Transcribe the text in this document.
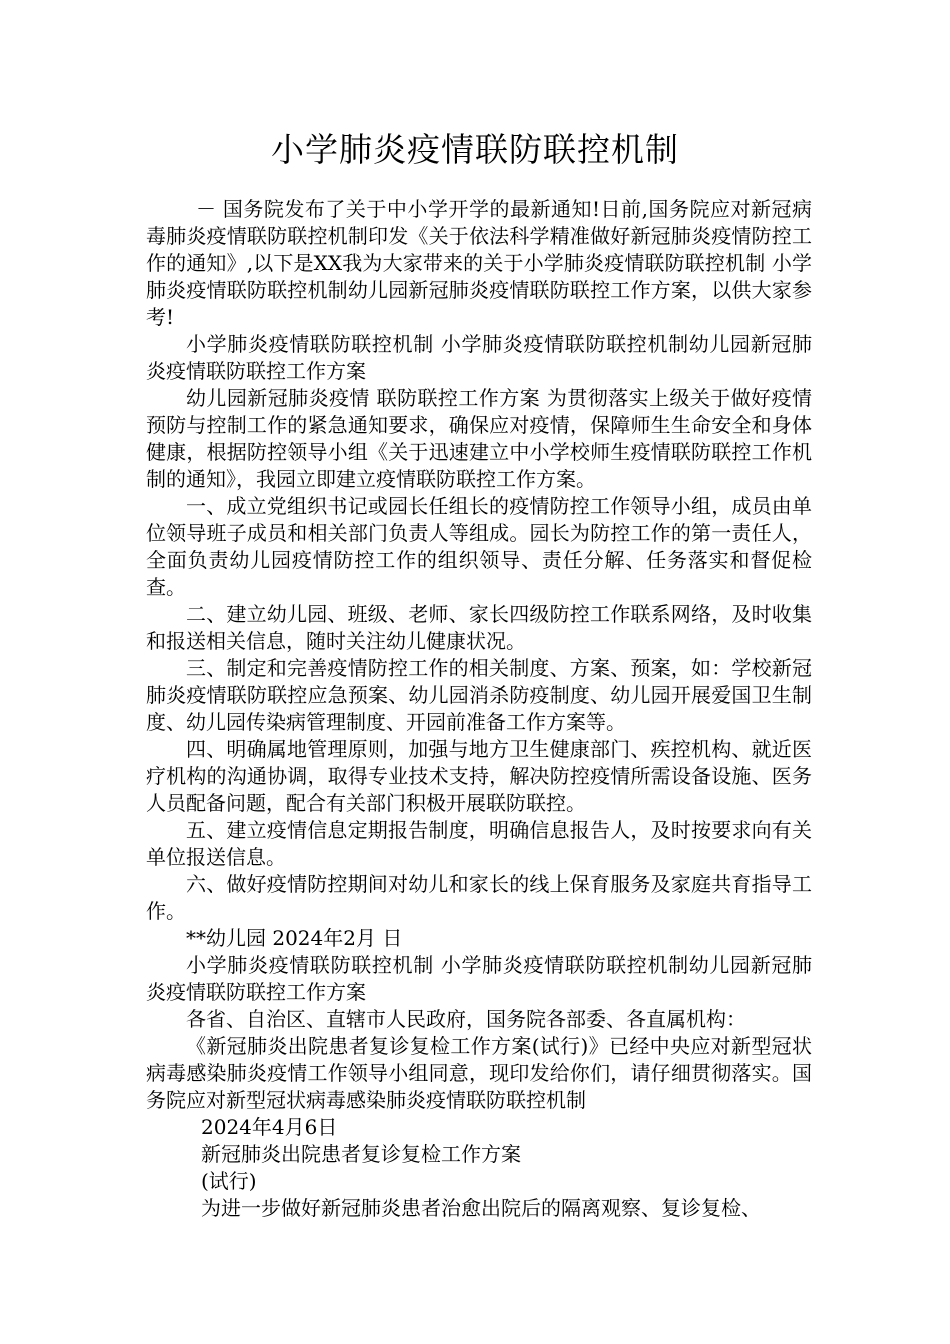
小学肺炎疫情联防联控机制

－ 国务院发布了关于中小学开学的最新通知!日前,国务院应对新冠病毒肺炎疫情联防联控机制印发《关于依法科学精准做好新冠肺炎疫情防控工作的通知》,以下是XX我为大家带来的关于小学肺炎疫情联防联控机制 小学肺炎疫情联防联控机制幼儿园新冠肺炎疫情联防联控工作方案，以供大家参考!

小学肺炎疫情联防联控机制 小学肺炎疫情联防联控机制幼儿园新冠肺炎疫情联防联控工作方案

幼儿园新冠肺炎疫情 联防联控工作方案 为贯彻落实上级关于做好疫情预防与控制工作的紧急通知要求，确保应对疫情，保障师生生命安全和身体健康，根据防控领导小组《关于迅速建立中小学校师生疫情联防联控工作机制的通知》，我园立即建立疫情联防联控工作方案。

一、成立党组织书记或园长任组长的疫情防控工作领导小组，成员由单位领导班子成员和相关部门负责人等组成。园长为防控工作的第一责任人，全面负责幼儿园疫情防控工作的组织领导、责任分解、任务落实和督促检查。

二、建立幼儿园、班级、老师、家长四级防控工作联系网络，及时收集和报送相关信息，随时关注幼儿健康状况。

三、制定和完善疫情防控工作的相关制度、方案、预案，如：学校新冠肺炎疫情联防联控应急预案、幼儿园消杀防疫制度、幼儿园开展爱国卫生制度、幼儿园传染病管理制度、开园前准备工作方案等。

四、明确属地管理原则，加强与地方卫生健康部门、疾控机构、就近医疗机构的沟通协调，取得专业技术支持，解决防控疫情所需设备设施、医务人员配备问题，配合有关部门积极开展联防联控。

五、建立疫情信息定期报告制度，明确信息报告人，及时按要求向有关单位报送信息。

六、做好疫情防控期间对幼儿和家长的线上保育服务及家庭共育指导工作。

**幼儿园 2024年2月 日

小学肺炎疫情联防联控机制 小学肺炎疫情联防联控机制幼儿园新冠肺炎疫情联防联控工作方案

各省、自治区、直辖市人民政府，国务院各部委、各直属机构：

《新冠肺炎出院患者复诊复检工作方案(试行)》已经中央应对新型冠状病毒感染肺炎疫情工作领导小组同意，现印发给你们，请仔细贯彻落实。国务院应对新型冠状病毒感染肺炎疫情联防联控机制

2024年4月6日

新冠肺炎出院患者复诊复检工作方案

(试行)

为进一步做好新冠肺炎患者治愈出院后的隔离观察、复诊复检、
